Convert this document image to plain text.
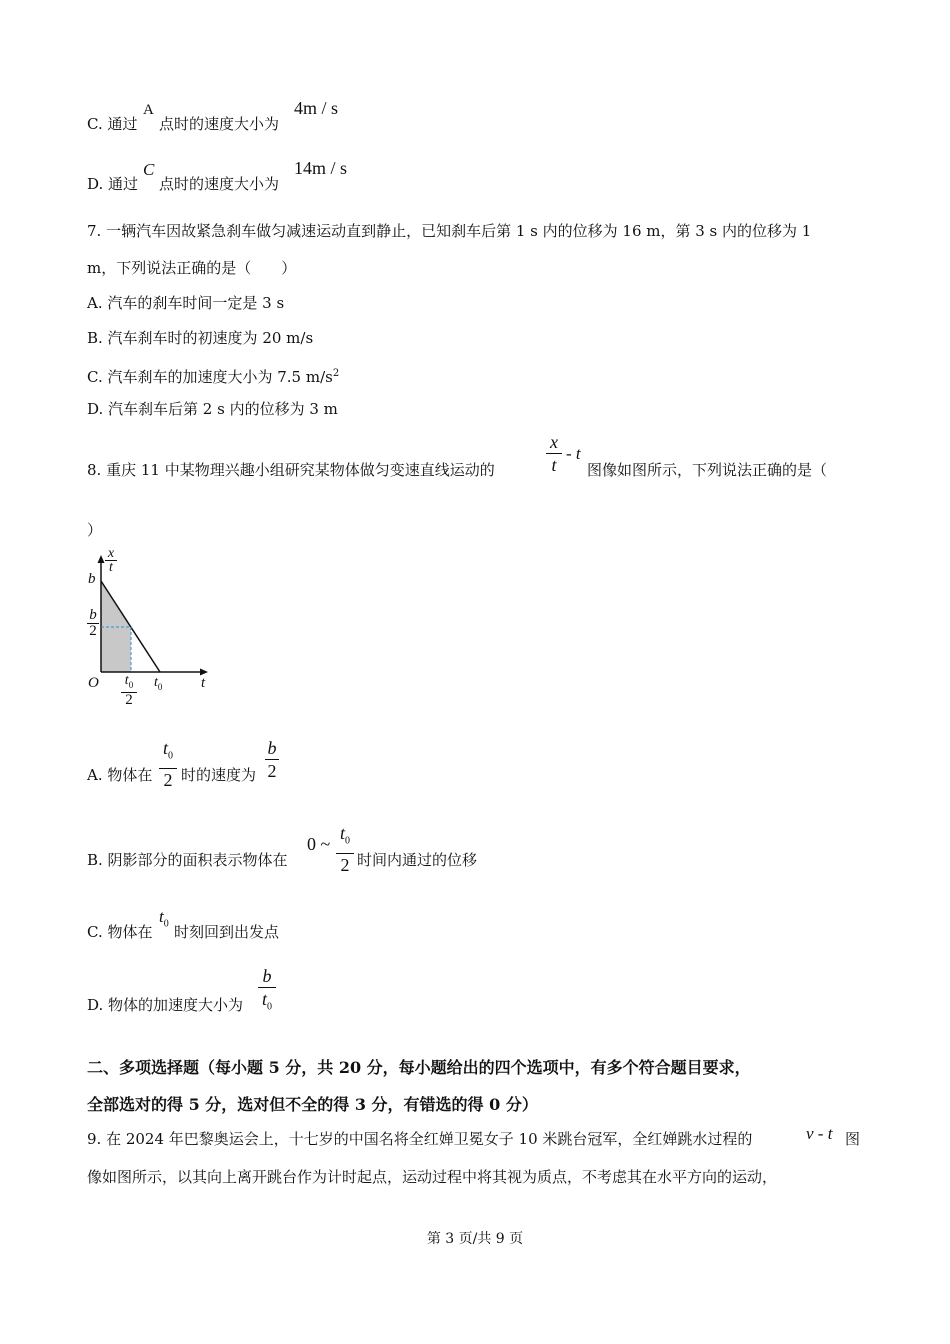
C. 通过
A
点时的速度大小为
4m / s
D. 通过
C
点时的速度大小为
14m / s
7. 一辆汽车因故紧急刹车做匀减速运动直到静止，已知刹车后第 1 s 内的位移为 16 m，第 3 s 内的位移为 1
m，下列说法正确的是（　　）
A. 汽车的刹车时间一定是 3 s
B. 汽车刹车时的初速度为 20 m/s
C. 汽车刹车的加速度大小为 7.5 $m/s^2$
D. 汽车刹车后第 2 s 内的位移为 3 m
8. 重庆 11 中某物理兴趣小组研究某物体做匀变速直线运动的
x
t
- t
图像如图所示，下列说法正确的是（
）
x
t
b
b
2
O $t_0$
2
$t_0$	t
A. 物体在
$t_0$
2 时的速度为
b
2
B. 阴影部分的面积表示物体在
0 ~
$t_0$
2 时间内通过的位移
C. 物体在
$t_0$ 时刻回到出发点
D. 物体的加速度大小为
b
$t_0$
二、多项选择题（每小题 5 分，共 20 分，每小题给出的四个选项中，有多个符合题目要求，
全部选对的得 5 分，选对但不全的得 3 分，有错选的得 0 分）
9. 在 2024 年巴黎奥运会上，十七岁的中国名将全红婵卫冕女子 10 米跳台冠军，全红婵跳水过程的	v - t 图
像如图所示，以其向上离开跳台作为计时起点，运动过程中将其视为质点，不考虑其在水平方向的运动，
第 3 页/共 9 页
